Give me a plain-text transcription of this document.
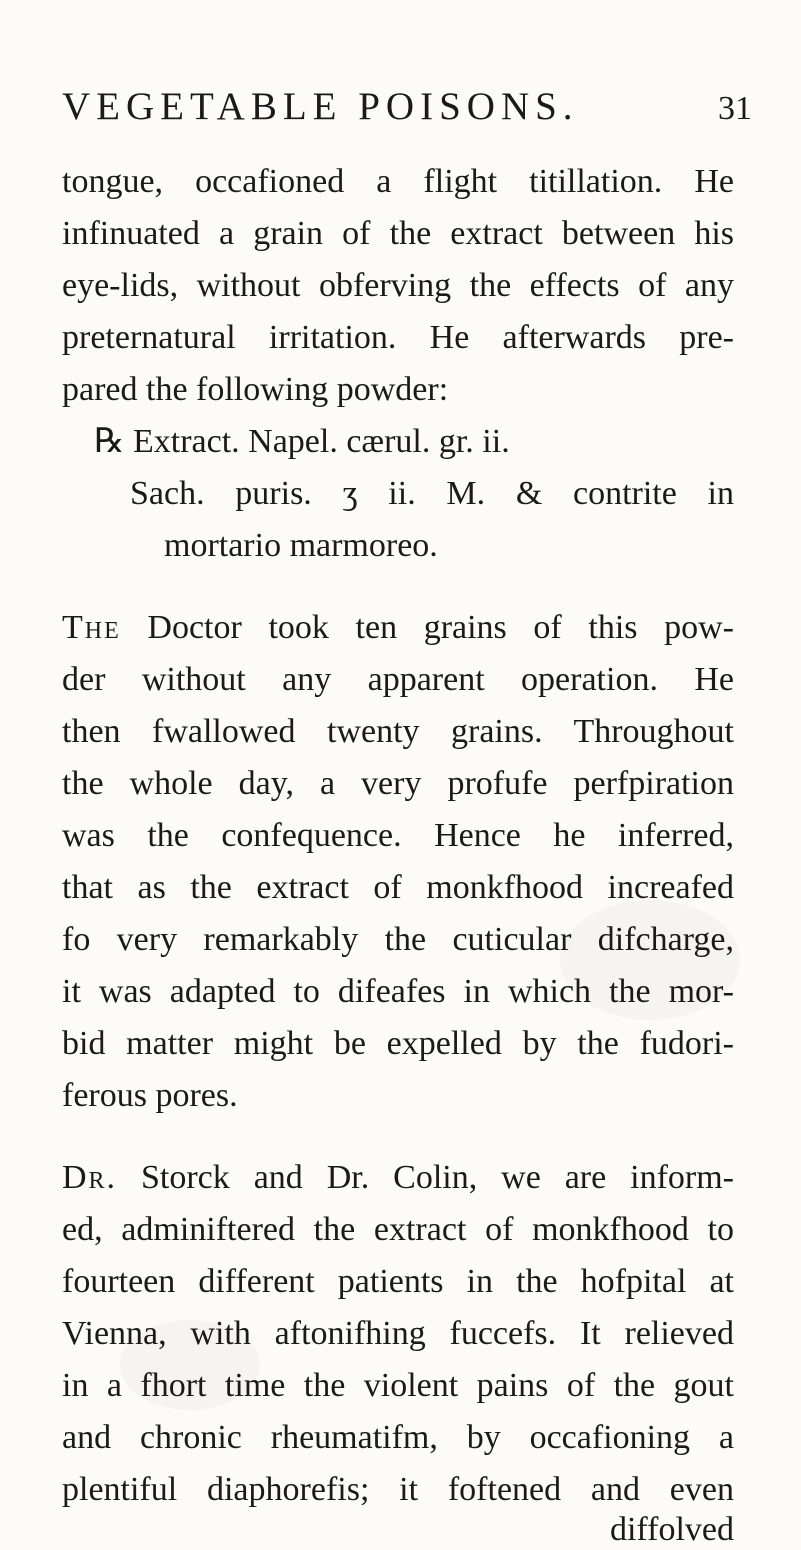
VEGETABLE POISONS.	31
tongue, occafioned a flight titillation. He
infinuated a grain of the extract between his
eye-lids, without obferving the effects of any
preternatural irritation. He afterwards pre-
pared the following powder:
℞ Extract. Napel. cærul. gr. ii.
Sach. puris. ʒ ii. M. & contrite in
mortario marmoreo.
The Doctor took ten grains of this pow-
der without any apparent operation. He
then fwallowed twenty grains. Throughout
the whole day, a very profufe perfpiration
was the confequence. Hence he inferred,
that as the extract of monkfhood increafed
fo very remarkably the cuticular difcharge,
it was adapted to difeafes in which the mor-
bid matter might be expelled by the fudori-
ferous pores.
Dr. Storck and Dr. Colin, we are inform-
ed, adminiftered the extract of monkfhood to
fourteen different patients in the hofpital at
Vienna, with aftonifhing fuccefs. It relieved
in a fhort time the violent pains of the gout
and chronic rheumatifm, by occafioning a
plentiful diaphorefis; it foftened and even
diffolved
